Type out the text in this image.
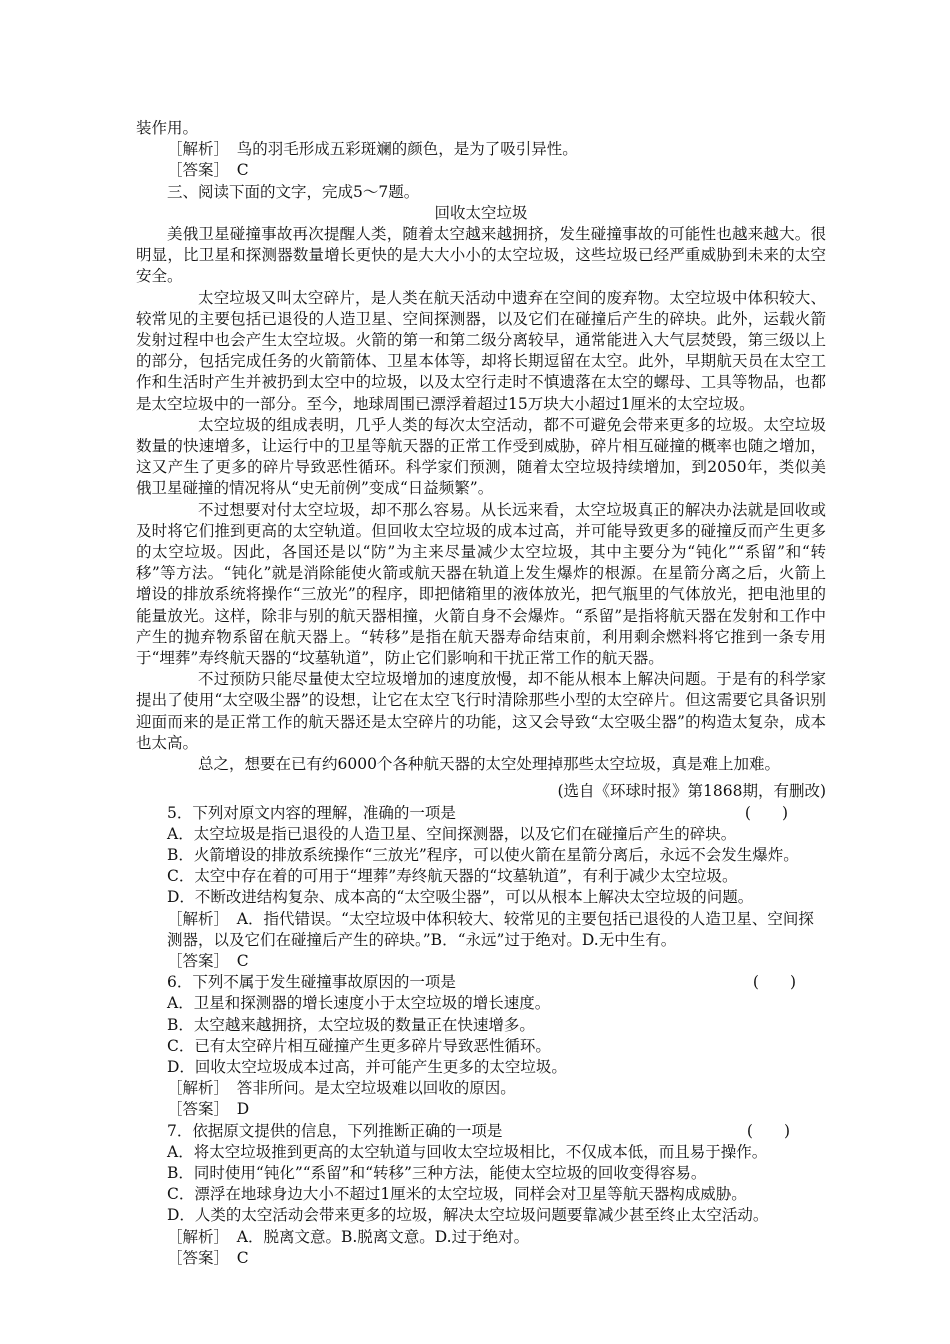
装作用。
［解析］　鸟的羽毛形成五彩斑斓的颜色，是为了吸引异性。
［答案］　C
三、阅读下面的文字，完成5～7题。
回收太空垃圾
美俄卫星碰撞事故再次提醒人类，随着太空越来越拥挤，发生碰撞事故的可能性也越来越大。很明显，比卫星和探测器数量增长更快的是大大小小的太空垃圾，这些垃圾已经严重威胁到未来的太空安全。
太空垃圾又叫太空碎片，是人类在航天活动中遗弃在空间的废弃物。太空垃圾中体积较大、较常见的主要包括已退役的人造卫星、空间探测器，以及它们在碰撞后产生的碎块。此外，运载火箭发射过程中也会产生太空垃圾。火箭的第一和第二级分离较早，通常能进入大气层焚毁，第三级以上的部分，包括完成任务的火箭箭体、卫星本体等，却将长期逗留在太空。此外，早期航天员在太空工作和生活时产生并被扔到太空中的垃圾，以及太空行走时不慎遗落在太空的螺母、工具等物品，也都是太空垃圾中的一部分。至今，地球周围已漂浮着超过15万块大小超过1厘米的太空垃圾。
太空垃圾的组成表明，几乎人类的每次太空活动，都不可避免会带来更多的垃圾。太空垃圾数量的快速增多，让运行中的卫星等航天器的正常工作受到威胁，碎片相互碰撞的概率也随之增加，这又产生了更多的碎片导致恶性循环。科学家们预测，随着太空垃圾持续增加，到2050年，类似美俄卫星碰撞的情况将从“史无前例”变成“日益频繁”。
不过想要对付太空垃圾，却不那么容易。从长远来看，太空垃圾真正的解决办法就是回收或及时将它们推到更高的太空轨道。但回收太空垃圾的成本过高，并可能导致更多的碰撞反而产生更多的太空垃圾。因此，各国还是以“防”为主来尽量减少太空垃圾，其中主要分为“钝化”“系留”和“转移”等方法。“钝化”就是消除能使火箭或航天器在轨道上发生爆炸的根源。在星箭分离之后，火箭上增设的排放系统将操作“三放光”的程序，即把储箱里的液体放光，把气瓶里的气体放光，把电池里的能量放光。这样，除非与别的航天器相撞，火箭自身不会爆炸。“系留”是指将航天器在发射和工作中产生的抛弃物系留在航天器上。“转移”是指在航天器寿命结束前，利用剩余燃料将它推到一条专用于“埋葬”寿终航天器的“坟墓轨道”，防止它们影响和干扰正常工作的航天器。
不过预防只能尽量使太空垃圾增加的速度放慢，却不能从根本上解决问题。于是有的科学家提出了使用“太空吸尘器”的设想，让它在太空飞行时清除那些小型的太空碎片。但这需要它具备识别迎面而来的是正常工作的航天器还是太空碎片的功能，这又会导致“太空吸尘器”的构造太复杂，成本也太高。
总之，想要在已有约6000个各种航天器的太空处理掉那些太空垃圾，真是难上加难。
(选自《环球时报》第1868期，有删改)
5．下列对原文内容的理解，准确的一项是	(　　)
A．太空垃圾是指已退役的人造卫星、空间探测器，以及它们在碰撞后产生的碎块。
B．火箭增设的排放系统操作“三放光”程序，可以使火箭在星箭分离后，永远不会发生爆炸。
C．太空中存在着的可用于“埋葬”寿终航天器的“坟墓轨道”，有利于减少太空垃圾。
D．不断改进结构复杂、成本高的“太空吸尘器”，可以从根本上解决太空垃圾的问题。
［解析］　A．指代错误。“太空垃圾中体积较大、较常见的主要包括已退役的人造卫星、空间探测器，以及它们在碰撞后产生的碎块。”B．“永远”过于绝对。D.无中生有。
［答案］　C
6．下列不属于发生碰撞事故原因的一项是	(　　)
A．卫星和探测器的增长速度小于太空垃圾的增长速度。
B．太空越来越拥挤，太空垃圾的数量正在快速增多。
C．已有太空碎片相互碰撞产生更多碎片导致恶性循环。
D．回收太空垃圾成本过高，并可能产生更多的太空垃圾。
［解析］　答非所问。是太空垃圾难以回收的原因。
［答案］　D
7．依据原文提供的信息，下列推断正确的一项是	(　　)
A．将太空垃圾推到更高的太空轨道与回收太空垃圾相比，不仅成本低，而且易于操作。
B．同时使用“钝化”“系留”和“转移”三种方法，能使太空垃圾的回收变得容易。
C．漂浮在地球身边大小不超过1厘米的太空垃圾，同样会对卫星等航天器构成威胁。
D．人类的太空活动会带来更多的垃圾，解决太空垃圾问题要靠减少甚至终止太空活动。
［解析］　A．脱离文意。B.脱离文意。D.过于绝对。
［答案］　C
